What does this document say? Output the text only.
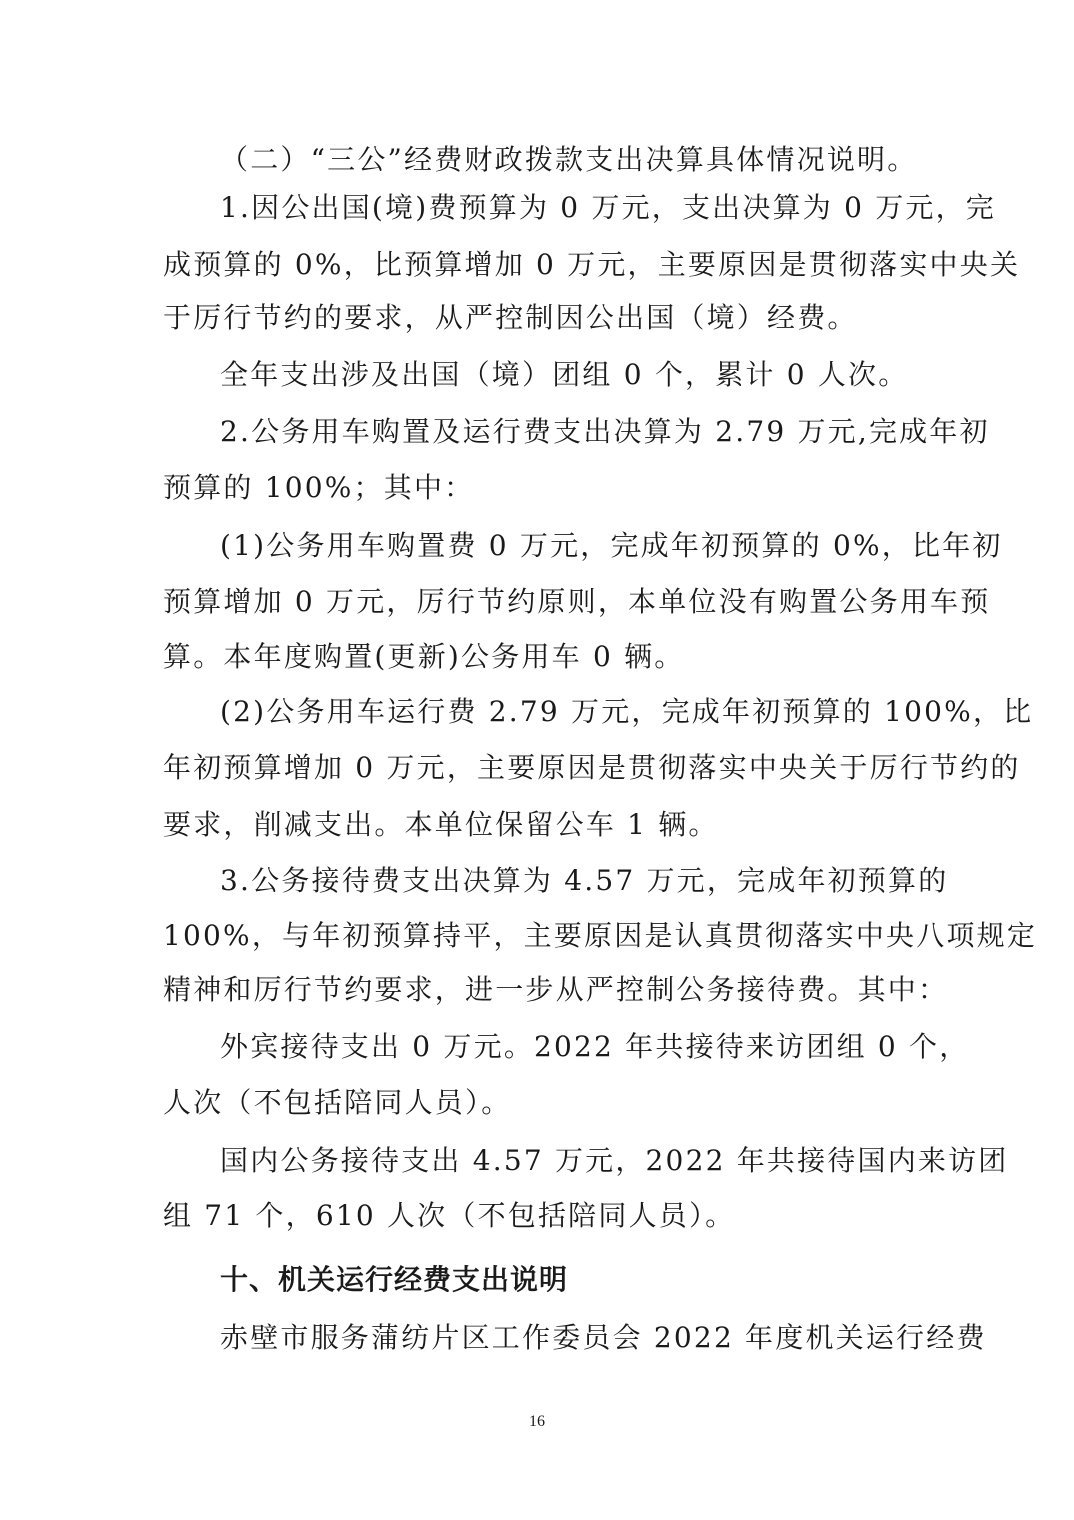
（二）“三公”经费财政拨款支出决算具体情况说明。
1.因公出国(境)费预算为 0 万元，支出决算为 0 万元，完
成预算的 0%，比预算增加 0 万元，主要原因是贯彻落实中央关
于厉行节约的要求，从严控制因公出国（境）经费。
全年支出涉及出国（境）团组 0 个，累计 0 人次。
2.公务用车购置及运行费支出决算为 2.79 万元,完成年初
预算的 100%；其中：
(1)公务用车购置费 0 万元，完成年初预算的 0%，比年初
预算增加 0 万元，厉行节约原则，本单位没有购置公务用车预
算。本年度购置(更新)公务用车 0 辆。
(2)公务用车运行费 2.79 万元，完成年初预算的 100%，比
年初预算增加 0 万元，主要原因是贯彻落实中央关于厉行节约的
要求，削减支出。本单位保留公车 1 辆。
3.公务接待费支出决算为 4.57 万元，完成年初预算的
100%，与年初预算持平，主要原因是认真贯彻落实中央八项规定
精神和厉行节约要求，进一步从严控制公务接待费。其中：
外宾接待支出 0 万元。2022 年共接待来访团组 0 个，
人次（不包括陪同人员）。
国内公务接待支出 4.57 万元，2022 年共接待国内来访团
组 71 个，610 人次（不包括陪同人员）。
十、机关运行经费支出说明
赤壁市服务蒲纺片区工作委员会 2022 年度机关运行经费
16
